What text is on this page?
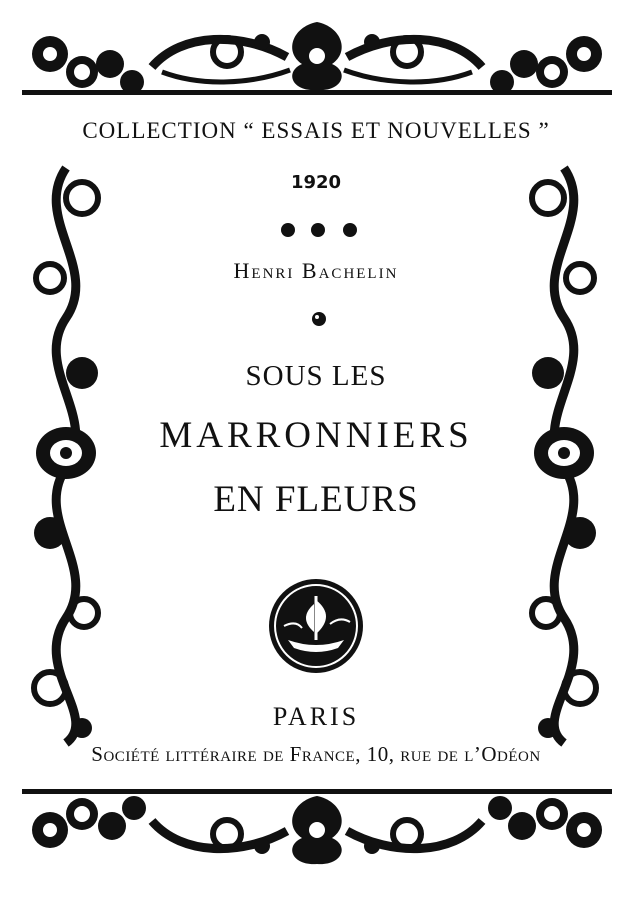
COLLECTION “ ESSAIS ET NOUVELLES ”
1920
Henri Bachelin
SOUS LES
MARRONNIERS
EN FLEURS
PARIS
Société littéraire de France, 10, rue de l’Odéon
